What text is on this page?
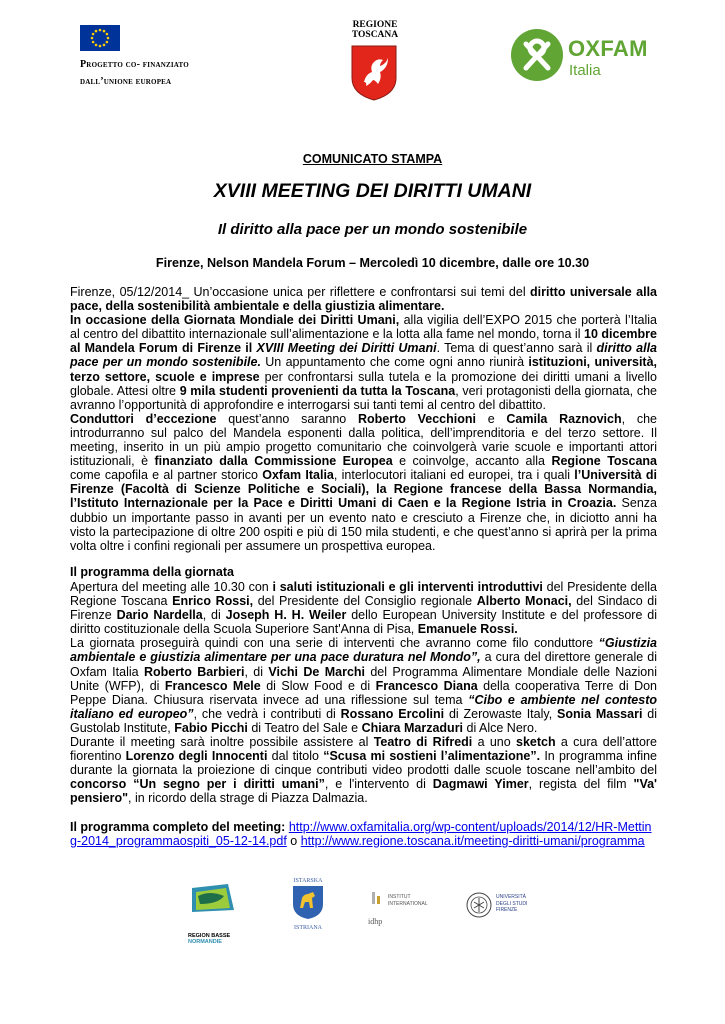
Progetto co- finanziato
dall’unione europea
REGIONE
TOSCANA
OXFAM
Italia
COMUNICATO STAMPA
XVIII MEETING DEI DIRITTI UMANI
Il diritto alla pace per un mondo sostenibile
Firenze, Nelson Mandela Forum – Mercoledì 10 dicembre, dalle ore 10.30

Firenze, 05/12/2014_ Un’occasione unica per riflettere e confrontarsi sui temi del diritto universale alla pace, della sostenibilità ambientale e della giustizia alimentare.

In occasione della Giornata Mondiale dei Diritti Umani, alla vigilia dell’EXPO 2015 che porterà l’Italia al centro del dibattito internazionale sull’alimentazione e la lotta alla fame nel mondo, torna il 10 dicembre al Mandela Forum di Firenze il XVIII Meeting dei Diritti Umani. Tema di quest’anno sarà il diritto alla pace per un mondo sostenibile. Un appuntamento che come ogni anno riunirà istituzioni, università, terzo settore, scuole e imprese per confrontarsi sulla tutela e la promozione dei diritti umani a livello globale. Attesi oltre 9 mila studenti provenienti da tutta la Toscana, veri protagonisti della giornata, che avranno l’opportunità di approfondire e interrogarsi sui tanti temi al centro del dibattito.

Conduttori d’eccezione quest’anno saranno Roberto Vecchioni e Camila Raznovich, che introdurranno sul palco del Mandela esponenti dalla politica, dell’imprenditoria e del terzo settore. Il meeting, inserito in un più ampio progetto comunitario che coinvolgerà varie scuole e importanti attori istituzionali, è finanziato dalla Commissione Europea e coinvolge, accanto alla Regione Toscana come capofila e al partner storico Oxfam Italia, interlocutori italiani ed europei, tra i quali l’Università di Firenze (Facoltà di Scienze Politiche e Sociali), la Regione francese della Bassa Normandia, l’Istituto Internazionale per la Pace e Diritti Umani di Caen e la Regione Istria in Croazia. Senza dubbio un importante passo in avanti per un evento nato e cresciuto a Firenze che, in diciotto anni ha visto la partecipazione di oltre 200 ospiti e più di 150 mila studenti, e che quest’anno si aprirà per la prima volta oltre i confini regionali per assumere un prospettiva europea.

Il programma della giornata

Apertura del meeting alle 10.30 con i saluti istituzionali e gli interventi introduttivi del Presidente della Regione Toscana Enrico Rossi, del Presidente del Consiglio regionale Alberto Monaci, del Sindaco di Firenze Dario Nardella, di Joseph H. H. Weiler dello European University Institute e del professore di diritto costituzionale della Scuola Superiore Sant'Anna di Pisa, Emanuele Rossi.

La giornata proseguirà quindi con una serie di interventi che avranno come filo conduttore “Giustizia ambientale e giustizia alimentare per una pace duratura nel Mondo”, a cura del direttore generale di Oxfam Italia Roberto Barbieri, di Vichi De Marchi del Programma Alimentare Mondiale delle Nazioni Unite (WFP), di Francesco Mele di Slow Food e di Francesco Diana della cooperativa Terre di Don Peppe Diana. Chiusura riservata invece ad una riflessione sul tema “Cibo e ambiente nel contesto italiano ed europeo”, che vedrà i contributi di Rossano Ercolini di Zerowaste Italy, Sonia Massari di Gustolab Institute, Fabio Picchi di Teatro del Sale e Chiara Marzaduri di Alce Nero.

Durante il meeting sarà inoltre possibile assistere al Teatro di Rifredi a uno sketch a cura dell’attore fiorentino Lorenzo degli Innocenti dal titolo “Scusa mi sostieni l’alimentazione”. In programma infine durante la giornata la proiezione di cinque contributi video prodotti dalle scuole toscane nell’ambito del concorso “Un segno per i diritti umani”, e l'intervento di Dagmawi Yimer, regista del film "Va' pensiero", in ricordo della strage di Piazza Dalmazia.

Il programma completo del meeting: http://www.oxfamitalia.org/wp-content/uploads/2014/12/HR-Metting-2014_programmaospiti_05-12-14.pdf o http://www.regione.toscana.it/meeting-diritti-umani/programma
REGION BASSE
NORMANDIE
ISTARSKA
ISTRIANA
idhp
INSTITUT INTERNATIONAL
UNIVERSITÀ DEGLI STUDI FIRENZE
